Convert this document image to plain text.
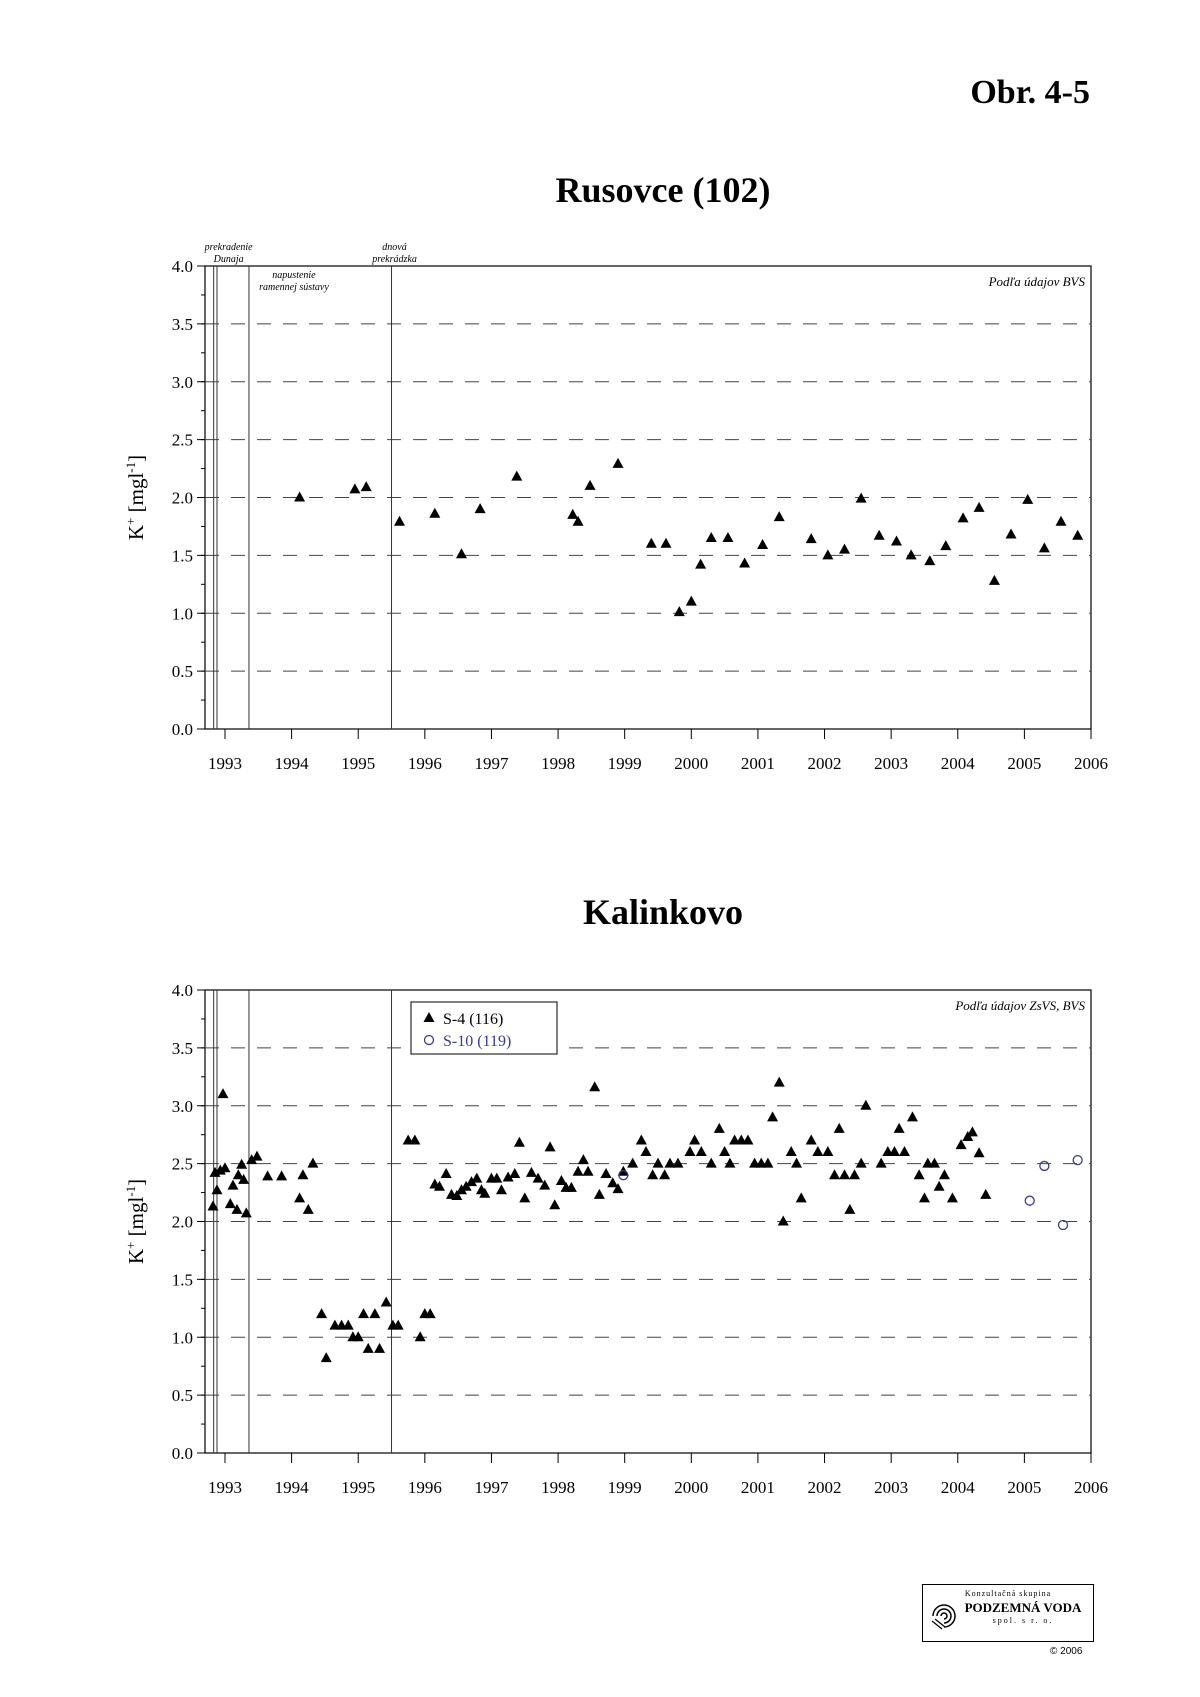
Obr. 4-5
Rusovce (102)
0.0
0.5
1.0
1.5
2.0
2.5
3.0
3.5
4.0
1993 1994 1995 1996 1997 1998 1999 2000 2001 2002 2003 2004 2005 2006
K+ [mgl$^{-1}$]
prekradenie
Dunaja
napustenie
ramennej sústavy
dnová
prekrádzka
Podľa údajov BVS
Kalinkovo
0.0
0.5
1.0
1.5
2.0
2.5
3.0
3.5
4.0
1993 1994 1995 1996 1997 1998 1999 2000 2001 2002 2003 2004 2005 2006
K+ [mgl$^{-1}$]
Podľa údajov ZsVS, BVS
S-4 (116)
S-10 (119)
Konzultačná skupina
PODZEMNÁ VODA
spol. s r. o.
© 2006
